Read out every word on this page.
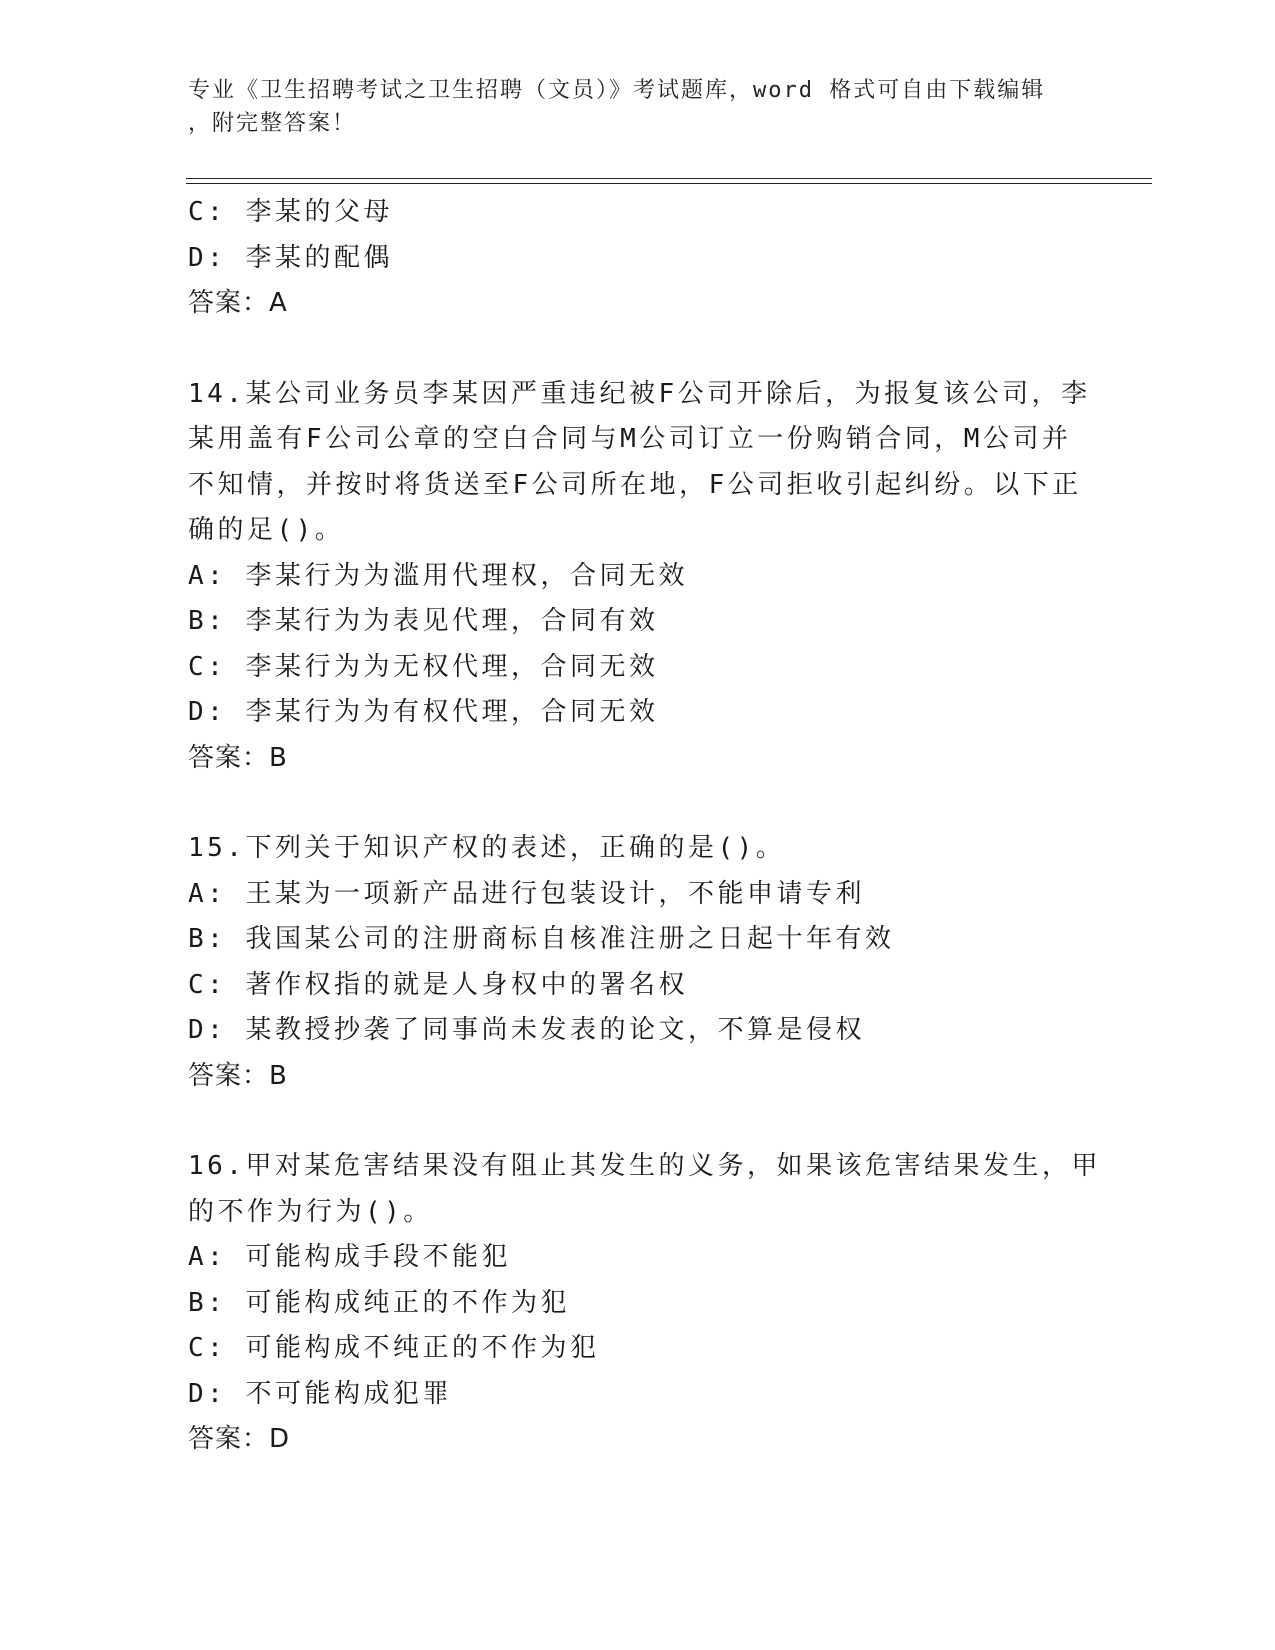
专业《卫生招聘考试之卫生招聘（文员）》考试题库，word 格式可自由下载编辑
，附完整答案！
C: 李某的父母
D: 李某的配偶
答案：A
14.某公司业务员李某因严重违纪被F公司开除后，为报复该公司，李
某用盖有F公司公章的空白合同与M公司订立一份购销合同，M公司并
不知情，并按时将货送至F公司所在地，F公司拒收引起纠纷。以下正
确的足()。
A: 李某行为为滥用代理权，合同无效
B: 李某行为为表见代理，合同有效
C: 李某行为为无权代理，合同无效
D: 李某行为为有权代理，合同无效
答案：B
15.下列关于知识产权的表述，正确的是()。
A: 王某为一项新产品进行包装设计，不能申请专利
B: 我国某公司的注册商标自核准注册之日起十年有效
C: 著作权指的就是人身权中的署名权
D: 某教授抄袭了同事尚未发表的论文，不算是侵权
答案：B
16.甲对某危害结果没有阻止其发生的义务，如果该危害结果发生，甲
的不作为行为()。
A: 可能构成手段不能犯
B: 可能构成纯正的不作为犯
C: 可能构成不纯正的不作为犯
D: 不可能构成犯罪
答案：D
